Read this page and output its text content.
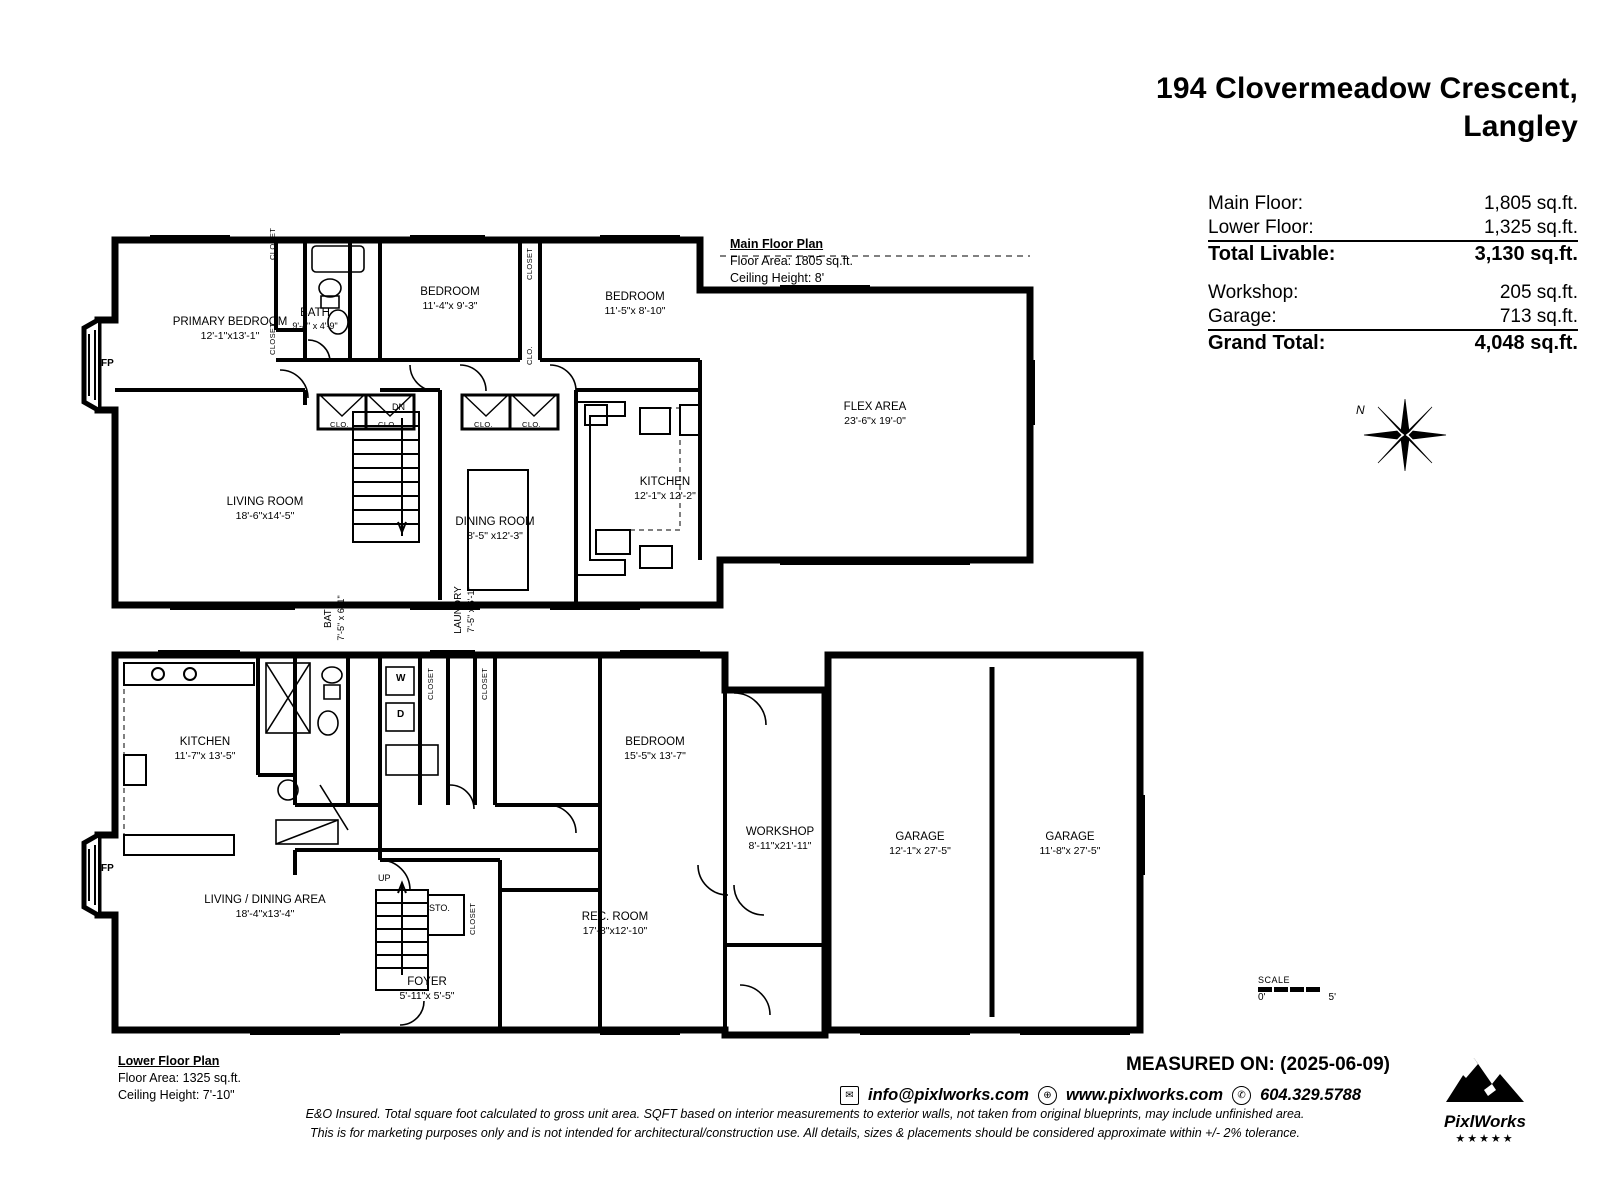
194 Clovermeadow Crescent,
Langley
Main Floor:	1,805 sq.ft.
Lower Floor:	1,325 sq.ft.
Total Livable:	3,130 sq.ft.

Workshop:	205 sq.ft.
Garage:	713 sq.ft.
Grand Total:	4,048 sq.ft.
N
SCALE
0'	5'
PRIMARY BEDROOM
12'-1"x13'-1"
BATH
9'-4" x 4'-9"
BEDROOM
11'-4"x 9'-3"
BEDROOM
11'-5"x 8'-10"
FLEX AREA
23'-6"x 19'-0"
LIVING ROOM
18'-6"x14'-5"
DINING ROOM
8'-5" x12'-3"
KITCHEN
12'-1"x 12'-2"
CLOSET
CLOSET
CLOSET
CLO.
CLO.	CLO.	CLO.	CLO.
FP
DN
Main Floor Plan
Floor Area: 1805 sq.ft.
Ceiling Height: 8'
KITCHEN
11'-7"x 13'-5"
BATH 7'-5" x 6'-1"	LAUNDRY 7'-5" x 6'-1"
BEDROOM
15'-5"x 13'-7"
WORKSHOP
8'-11"x21'-11"
GARAGE
12'-1"x 27'-5"
GARAGE
11'-8"x 27'-5"
LIVING / DINING AREA
18'-4"x13'-4"	REC. ROOM
17'-8"x12'-10"
FOYER
5'-11"x 5'-5"
CLOSET	CLOSET
CLOSET
FP
UP
STO.
W
D
Lower Floor Plan
Floor Area: 1325 sq.ft.
Ceiling Height: 7'-10"
MEASURED ON: (2025-06-09)
✉ info@pixlworks.com	⊕ www.pixlworks.com	✆ 604.329.5788
E&O Insured. Total square foot calculated to gross unit area. SQFT based on interior measurements to exterior walls, not taken from original blueprints, may include unfinished area.
This is for marketing purposes only and is not intended for architectural/construction use. All details, sizes & placements should be considered approximate within +/- 2% tolerance.
PixlWorks
★★★★★
